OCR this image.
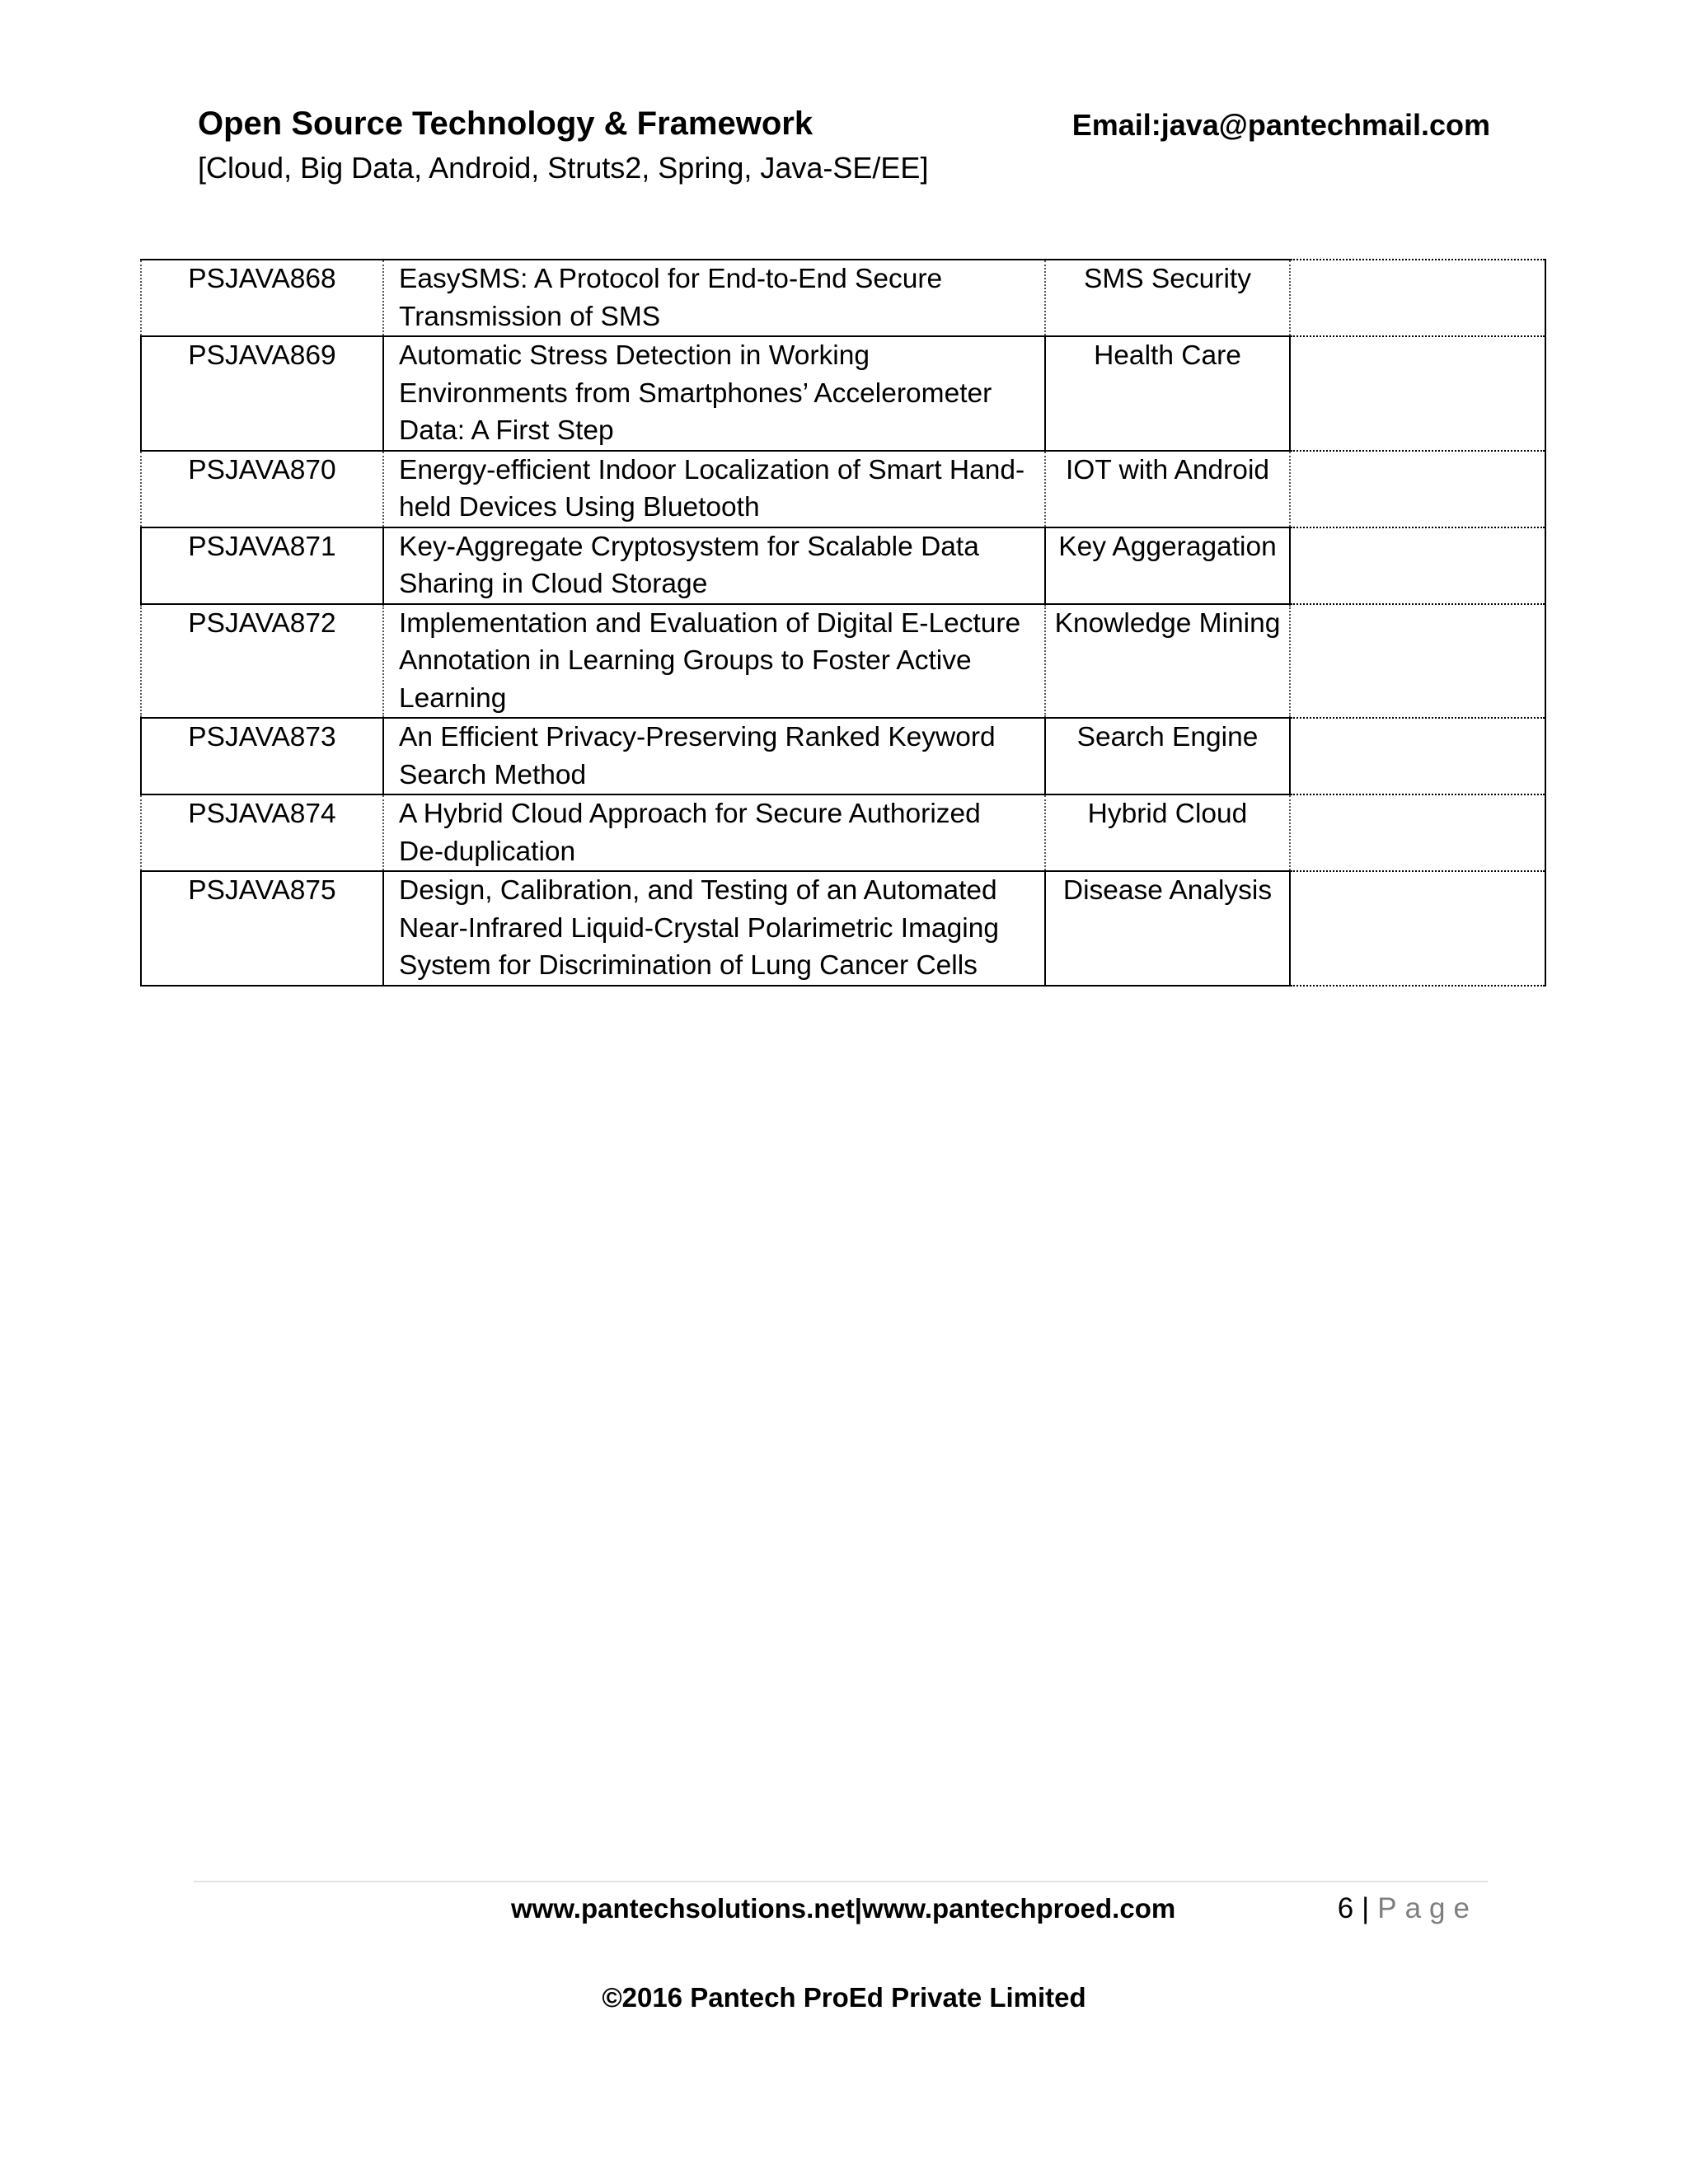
Open Source Technology & Framework	Email:java@pantechmail.com
[Cloud, Big Data, Android, Struts2, Spring, Java-SE/EE]
PSJAVA868	EasySMS: A Protocol for End-to-End Secure Transmission of SMS	SMS Security	

PSJAVA869	Automatic Stress Detection in Working Environments from Smartphones’ Accelerometer Data: A First Step	Health Care	

PSJAVA870	Energy-efficient Indoor Localization of Smart Hand-held Devices Using Bluetooth	IOT with Android	

PSJAVA871	Key-Aggregate Cryptosystem for Scalable Data Sharing in Cloud Storage	Key Aggeragation	

PSJAVA872	Implementation and Evaluation of Digital E-Lecture Annotation in Learning Groups to Foster Active Learning	Knowledge Mining	

PSJAVA873	An Efficient Privacy-Preserving Ranked Keyword Search Method	Search Engine	

PSJAVA874	A Hybrid Cloud Approach for Secure Authorized De-duplication	Hybrid Cloud	

PSJAVA875	Design, Calibration, and Testing of an Automated Near-Infrared Liquid-Crystal Polarimetric Imaging System for Discrimination of Lung Cancer Cells	Disease Analysis	

www.pantechsolutions.net|www.pantechproed.com	6 | Page
©2016 Pantech ProEd Private Limited
